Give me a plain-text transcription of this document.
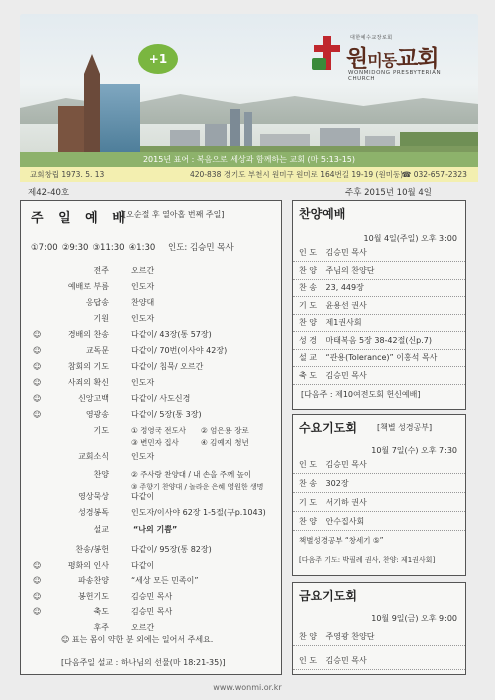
+1
대한예수교장로회
원미동교회
WONMIDONG PRESBYTERIAN CHURCH
2015년 표어 : 복음으로 세상과 함께하는 교회 (마 5:13-15)
교회창립 1973. 5. 13	420-838 경기도 부천시 원미구 원미로 164번길 19-19 (원미동)
☎ 032-657-2323
제42-40호	주후 2015년 10월 4일
주 일 예 배
[오순절 후 열아홉 번째 주일]
①7:00 ②9:30 ③11:30 ④1:30 인도: 김승민 목사
전주	오르간
예배로 부름	인도자
응답송	찬양대
기원	인도자
☺	경배의 찬송	다같이/ 43장(통 57장)
☺	교독문	다같이/ 70번(이사야 42장)
☺	참회의 기도	다같이/ 침묵/ 오르간
☺	사죄의 확신	인도자
☺	신앙고백	다같이/ 사도신경
☺	영광송	다같이/ 5장(통 3장)
기도	① 정영국 전도사 ② 엄은용 장로
③ 변민자 집사	④ 김예지 청년
교회소식	인도자
찬양	② 주사랑 찬양대 / 내 손을 주께 높이
③ 주향기 찬양대 / 놀라운 은혜 영원한 생명
영상묵상	다같이
성경봉독	인도자/이사야 62장 1-5절(구p.1043)
설교	“나의 기쁨”
찬송/봉헌	다같이/ 95장(통 82장)
☺	평화의 인사	다같이
☺	파송찬양	“세상 모든 민족이”
☺	봉헌기도	김승민 목사
☺	축도	김승민 목사
후주	오르간
☺ 표는 몸이 약한 분 외에는 일어서 주세요.
[다음주일 설교 : 하나님의 선물(마 18:21-35)]
찬양예배
10월 4일(주일) 오후 3:00
인 도 김승민 목사
찬 양 주님의 찬양단
찬 송 23, 449장
기 도 윤용선 권사
찬 양 제1권사회
성 경 마태복음 5장 38-42절(신p.7)
설 교 “관용(Tolerance)” 이홍석 목사
축 도 김승민 목사
[다음주 : 제10여전도회 헌신예배]
수요기도회	[책별 성경공부]
10월 7일(수) 오후 7:30
인 도 김승민 목사
찬 송 302장
기 도 서기하 권사
찬 양 안수집사회
책별성경공부 “창세기 ⑤”
[다음주 기도: 박필례 권사, 찬양: 제1권사회]
금요기도회
10월 9일(금) 오후 9:00
찬 양 주영광 찬양단
인 도 김승민 목사
www.wonmi.or.kr
